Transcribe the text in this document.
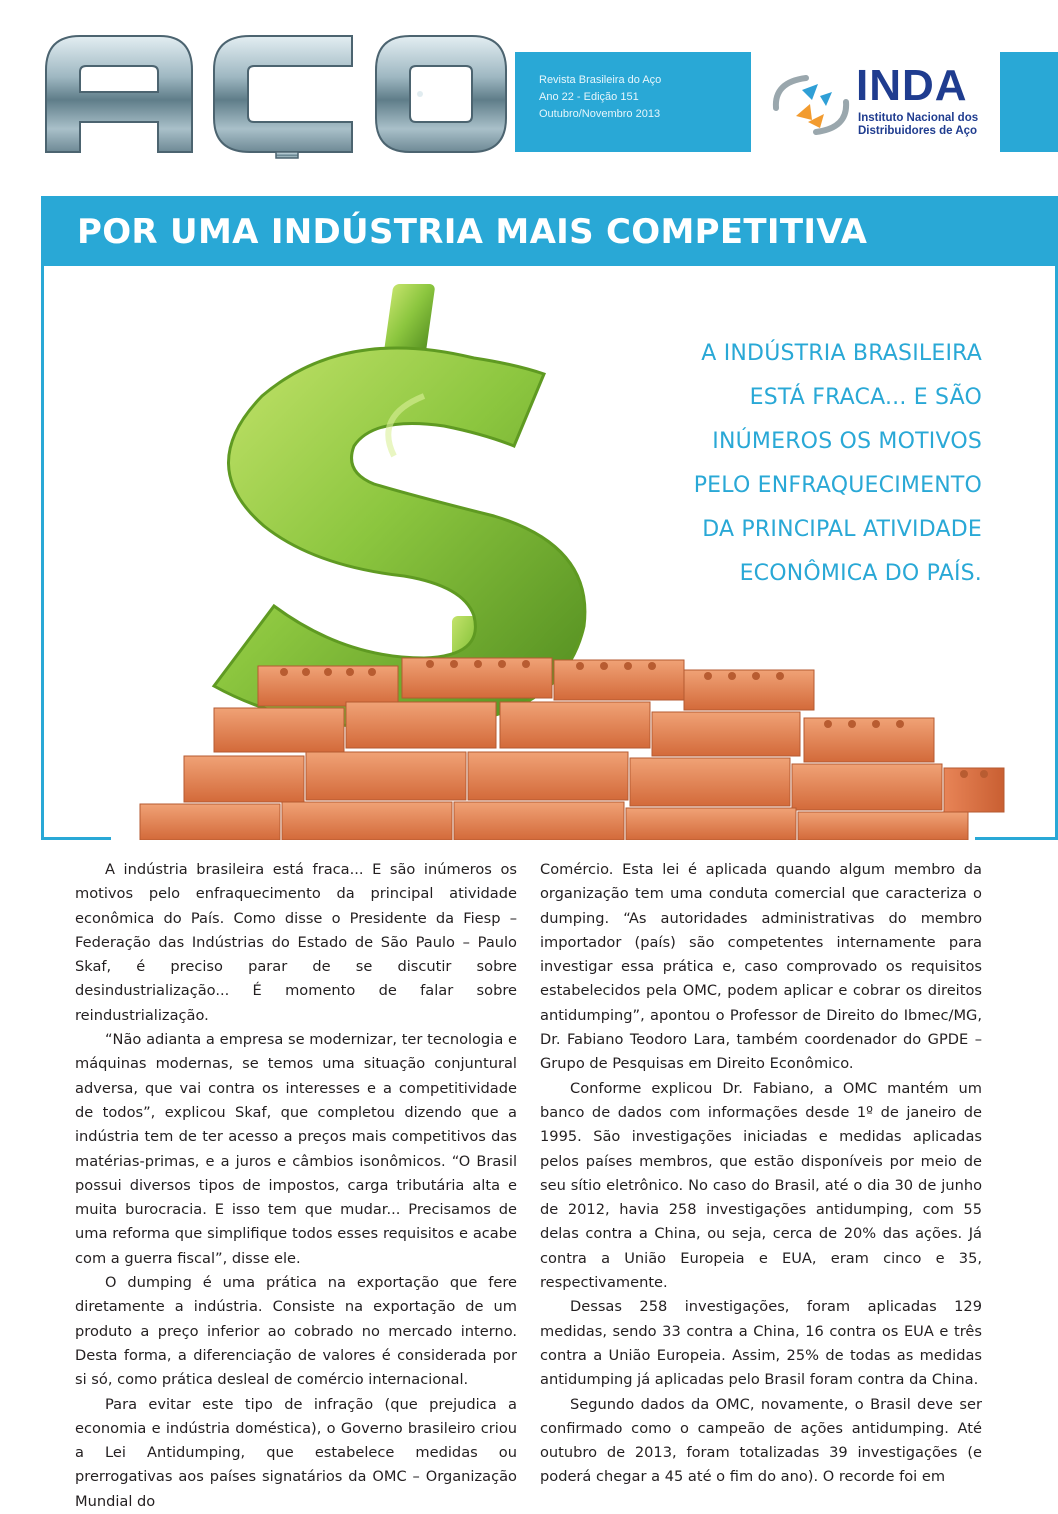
Revista Brasileira do Aço
Ano 22 - Edição 151
Outubro/Novembro 2013
INDA
Instituto Nacional dos
Distribuidores de Aço
POR UMA INDÚSTRIA MAIS COMPETITIVA
A INDÚSTRIA BRASILEIRA
ESTÁ FRACA... E SÃO
INÚMEROS OS MOTIVOS
PELO ENFRAQUECIMENTO
DA PRINCIPAL ATIVIDADE
ECONÔMICA DO PAÍS.

A indústria brasileira está fraca... E são inúmeros os motivos pelo enfraquecimento da principal atividade econômica do País. Como disse o Presidente da Fiesp – Federação das Indústrias do Estado de São Paulo – Paulo Skaf, é preciso parar de se discutir sobre desindustrialização... É momento de falar sobre reindustrialização.

“Não adianta a empresa se modernizar, ter tecnologia e máquinas modernas, se temos uma situação conjuntural adversa, que vai contra os interesses e a competitividade de todos”, explicou Skaf, que completou dizendo que a indústria tem de ter acesso a preços mais competitivos das matérias-primas, e a juros e câmbios isonômicos. “O Brasil possui diversos tipos de impostos, carga tributária alta e muita burocracia. E isso tem que mudar... Precisamos de uma reforma que simplifique todos esses requisitos e acabe com a guerra fiscal”, disse ele.

O dumping é uma prática na exportação que fere diretamente a indústria. Consiste na exportação de um produto a preço inferior ao cobrado no mercado interno. Desta forma, a diferenciação de valores é considerada por si só, como prática desleal de comércio internacional.

Para evitar este tipo de infração (que prejudica a economia e indústria doméstica), o Governo brasileiro criou a Lei Antidumping, que estabelece medidas ou prerrogativas aos países signatários da OMC – Organização Mundial do

Comércio. Esta lei é aplicada quando algum membro da organização tem uma conduta comercial que caracteriza o dumping. “As autoridades administrativas do membro importador (país) são competentes internamente para investigar essa prática e, caso comprovado os requisitos estabelecidos pela OMC, podem aplicar e cobrar os direitos antidumping”, apontou o Professor de Direito do Ibmec/MG, Dr. Fabiano Teodoro Lara, também coordenador do GPDE – Grupo de Pesquisas em Direito Econômico.

Conforme explicou Dr. Fabiano, a OMC mantém um banco de dados com informações desde 1º de janeiro de 1995. São investigações iniciadas e medidas aplicadas pelos países membros, que estão disponíveis por meio de seu sítio eletrônico. No caso do Brasil, até o dia 30 de junho de 2012, havia 258 investigações antidumping, com 55 delas contra a China, ou seja, cerca de 20% das ações. Já contra a União Europeia e EUA, eram cinco e 35, respectivamente.

Dessas 258 investigações, foram aplicadas 129 medidas, sendo 33 contra a China, 16 contra os EUA e três contra a União Europeia. Assim, 25% de todas as medidas antidumping já aplicadas pelo Brasil foram contra da China.

Segundo dados da OMC, novamente, o Brasil deve ser confirmado como o campeão de ações antidumping. Até outubro de 2013, foram totalizadas 39 investigações (e poderá chegar a 45 até o fim do ano). O recorde foi em
